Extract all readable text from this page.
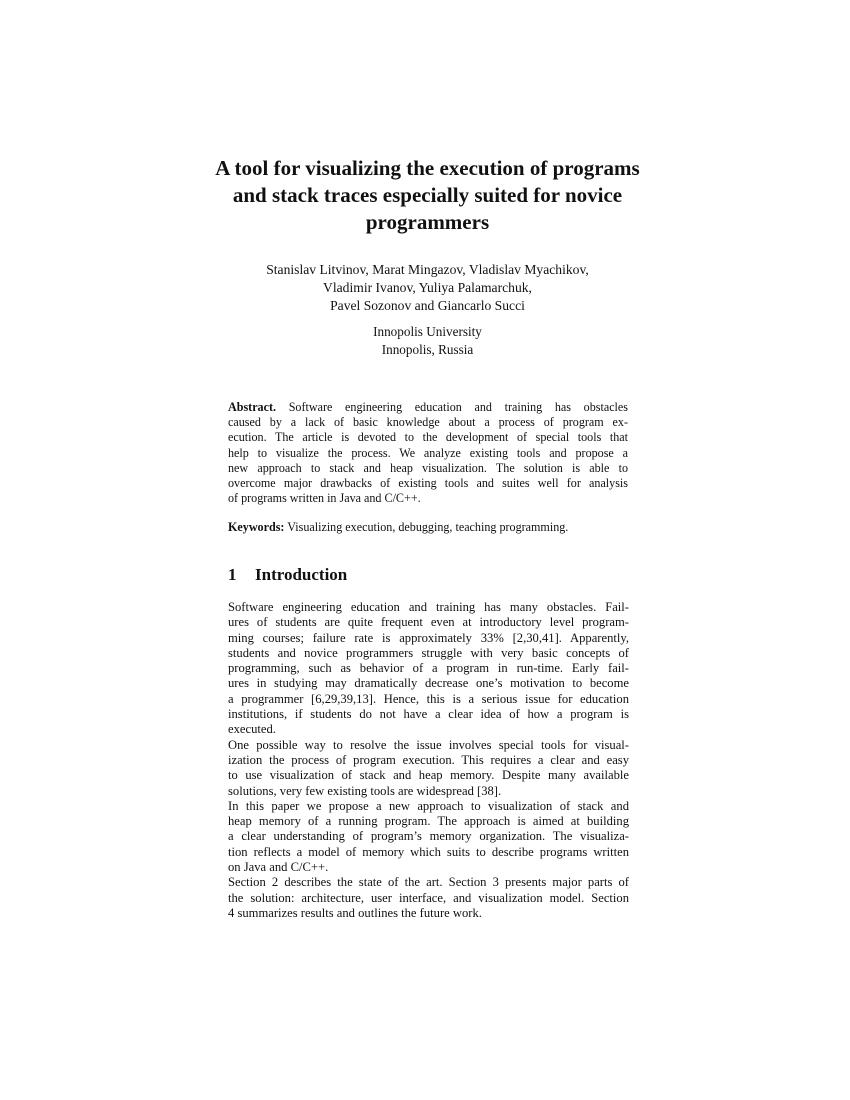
A tool for visualizing the execution of programs
and stack traces especially suited for novice
programmers
Stanislav Litvinov, Marat Mingazov, Vladislav Myachikov,
Vladimir Ivanov, Yuliya Palamarchuk,
Pavel Sozonov and Giancarlo Succi
Innopolis University
Innopolis, Russia
Abstract. Software engineering education and training has obstacles
caused by a lack of basic knowledge about a process of program ex-
ecution. The article is devoted to the development of special tools that
help to visualize the process. We analyze existing tools and propose a
new approach to stack and heap visualization. The solution is able to
overcome major drawbacks of existing tools and suites well for analysis
of programs written in Java and C/C++.
Keywords: Visualizing execution, debugging, teaching programming.
1 Introduction

Software engineering education and training has many obstacles. Fail-
ures of students are quite frequent even at introductory level program-
ming courses; failure rate is approximately 33% [2,30,41]. Apparently,
students and novice programmers struggle with very basic concepts of
programming, such as behavior of a program in run-time. Early fail-
ures in studying may dramatically decrease one’s motivation to become
a programmer [6,29,39,13]. Hence, this is a serious issue for education
institutions, if students do not have a clear idea of how a program is
executed.

One possible way to resolve the issue involves special tools for visual-
ization the process of program execution. This requires a clear and easy
to use visualization of stack and heap memory. Despite many available
solutions, very few existing tools are widespread [38].

In this paper we propose a new approach to visualization of stack and
heap memory of a running program. The approach is aimed at building
a clear understanding of program’s memory organization. The visualiza-
tion reflects a model of memory which suits to describe programs written
on Java and C/C++.

Section 2 describes the state of the art. Section 3 presents major parts of
the solution: architecture, user interface, and visualization model. Section
4 summarizes results and outlines the future work.
